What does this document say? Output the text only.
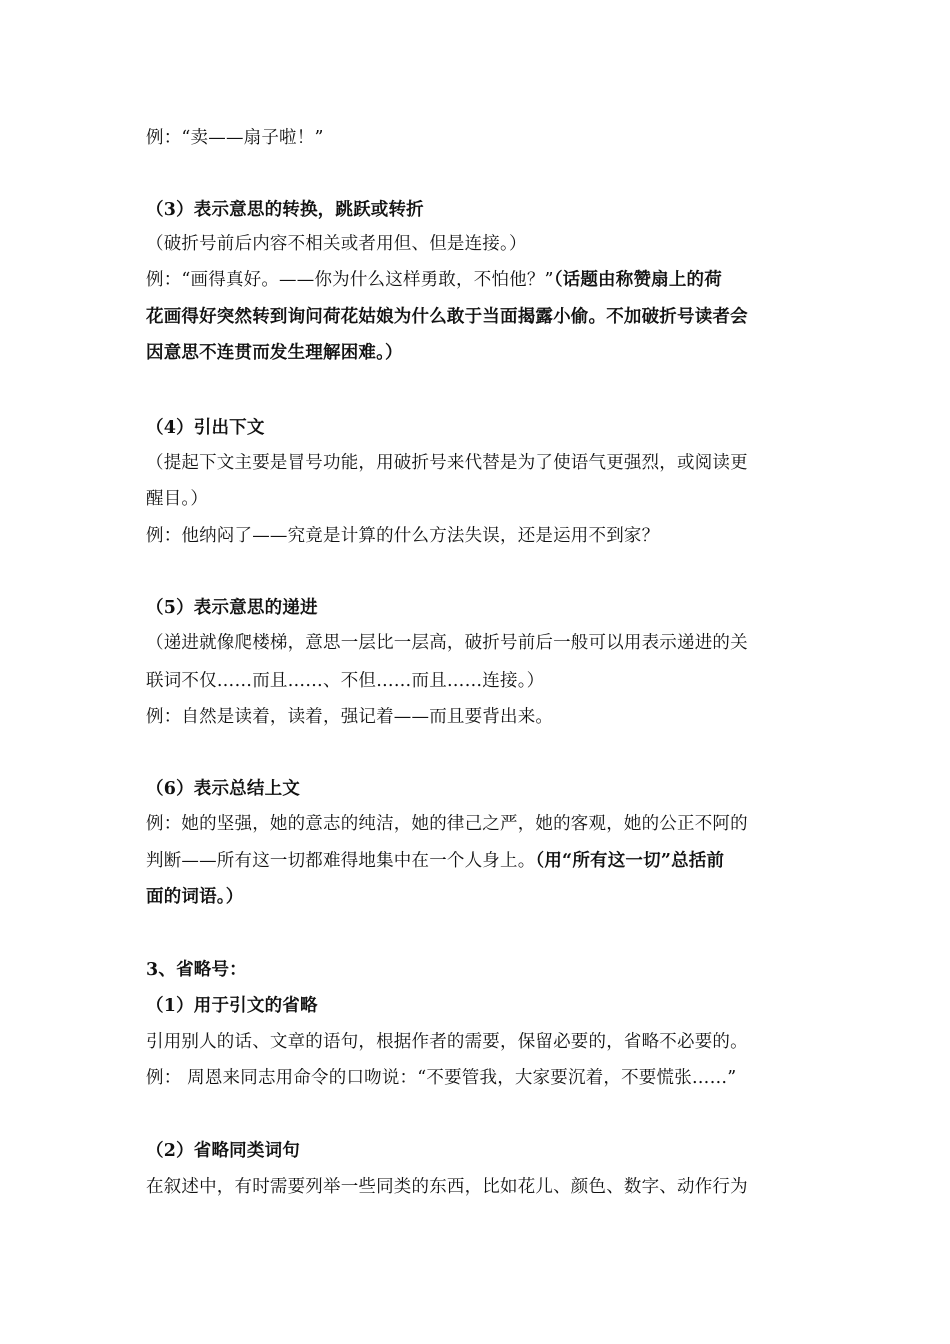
例：“卖——扇子啦！”
（3）表示意思的转换，跳跃或转折
（破折号前后内容不相关或者用但、但是连接。）
例：“画得真好。——你为什么这样勇敢，不怕他？”（话题由称赞扇上的荷
花画得好突然转到询问荷花姑娘为什么敢于当面揭露小偷。不加破折号读者会
因意思不连贯而发生理解困难。）
（4）引出下文
（提起下文主要是冒号功能，用破折号来代替是为了使语气更强烈，或阅读更
醒目。）
例：他纳闷了——究竟是计算的什么方法失误，还是运用不到家？
（5）表示意思的递进
（递进就像爬楼梯，意思一层比一层高，破折号前后一般可以用表示递进的关
联词不仅……而且……、不但……而且……连接。）
例：自然是读着，读着，强记着——而且要背出来。
（6）表示总结上文
例：她的坚强，她的意志的纯洁，她的律己之严，她的客观，她的公正不阿的
判断——所有这一切都难得地集中在一个人身上。（用“所有这一切”总括前
面的词语。）
3、省略号：
（1）用于引文的省略
引用别人的话、文章的语句，根据作者的需要，保留必要的，省略不必要的。
例： 周恩来同志用命令的口吻说：“不要管我，大家要沉着，不要慌张……”
（2）省略同类词句
在叙述中，有时需要列举一些同类的东西，比如花儿、颜色、数字、动作行为
